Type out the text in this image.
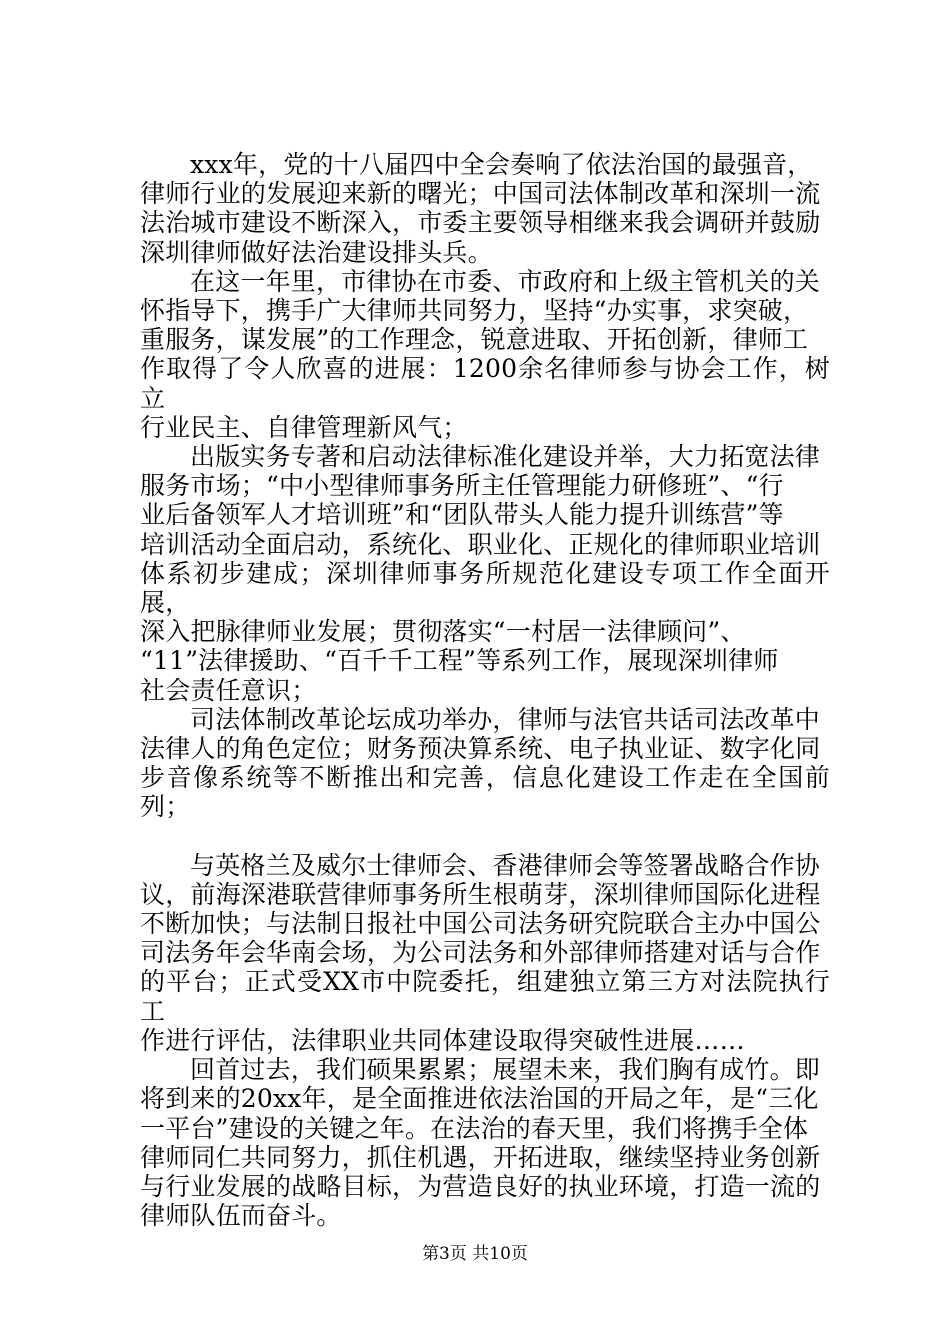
xxx年，党的十八届四中全会奏响了依法治国的最强音，
律师行业的发展迎来新的曙光；中国司法体制改革和深圳一流
法治城市建设不断深入，市委主要领导相继来我会调研并鼓励
深圳律师做好法治建设排头兵。

在这一年里，市律协在市委、市政府和上级主管机关的关
怀指导下，携手广大律师共同努力，坚持“办实事，求突破，
重服务，谋发展”的工作理念，锐意进取、开拓创新，律师工
作取得了令人欣喜的进展：1200余名律师参与协会工作，树立
行业民主、自律管理新风气；

出版实务专著和启动法律标准化建设并举，大力拓宽法律
服务市场；“中小型律师事务所主任管理能力研修班”、“行
业后备领军人才培训班”和“团队带头人能力提升训练营”等
培训活动全面启动，系统化、职业化、正规化的律师职业培训
体系初步建成；深圳律师事务所规范化建设专项工作全面开展，
深入把脉律师业发展；贯彻落实“一村居一法律顾问”、
“11”法律援助、“百千千工程”等系列工作，展现深圳律师
社会责任意识；

司法体制改革论坛成功举办，律师与法官共话司法改革中
法律人的角色定位；财务预决算系统、电子执业证、数字化同
步音像系统等不断推出和完善，信息化建设工作走在全国前列；

与英格兰及威尔士律师会、香港律师会等签署战略合作协
议，前海深港联营律师事务所生根萌芽，深圳律师国际化进程
不断加快；与法制日报社中国公司法务研究院联合主办中国公
司法务年会华南会场，为公司法务和外部律师搭建对话与合作
的平台；正式受XX市中院委托，组建独立第三方对法院执行工
作进行评估，法律职业共同体建设取得突破性进展……

回首过去，我们硕果累累；展望未来，我们胸有成竹。即
将到来的20xx年，是全面推进依法治国的开局之年，是“三化
一平台”建设的关键之年。在法治的春天里，我们将携手全体
律师同仁共同努力，抓住机遇，开拓进取，继续坚持业务创新
与行业发展的战略目标，为营造良好的执业环境，打造一流的
律师队伍而奋斗。

第3页 共10页
